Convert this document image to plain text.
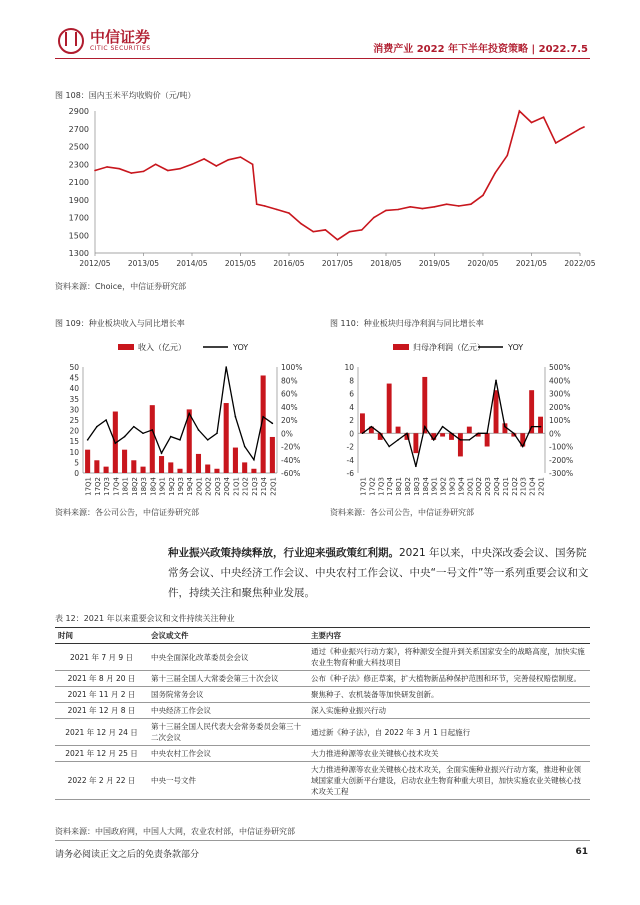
中信证券
CITIC SECURITIES	消费产业 2022 年下半年投资策略 | 2022.7.5
图 108：国内玉米平均收购价（元/吨）
1300
1500
1700
1900
2100
2300
2500
2700
2900
2012/05 2013/05 2014/05 2015/05 2016/05 2017/05 2018/05 2019/05 2020/05 2021/05 2022/05
资料来源：Choice，中信证券研究部
图 109：种业板块收入与同比增长率
收入（亿元）	YOY
0
5
10
15
20
25
30
35
40
45
50
-60%
-40%
-20%
0%
20%
40%
60%
80%
100%
17Q1 17Q2 17Q3 17Q4 18Q1 18Q2 18Q3 18Q4 19Q1 19Q2 19Q3 19Q4 20Q1 20Q2 20Q3 20Q4 21Q1 21Q2 21Q3 21Q4 22Q1
资料来源：各公司公告，中信证券研究部
图 110：种业板块归母净利润与同比增长率
归母净利润（亿元）	YOY
-6
-4
-2
0
2
4
6
8
10
-300%
-200%
-100%
0%
100%
200%
300%
400%
500%
17Q1 17Q2 17Q3 17Q4 18Q1 18Q2 18Q3 18Q4 19Q1 19Q2 19Q3 19Q4 20Q1 20Q2 20Q3 20Q4 21Q1 21Q2 21Q3 21Q4 22Q1
资料来源：各公司公告，中信证券研究部
种业振兴政策持续释放，行业迎来强政策红利期。2021 年以来，中央深改委会议、国务院常务会议、中央经济工作会议、中央农村工作会议、中央“一号文件”等一系列重要会议和文件，持续关注和聚焦种业发展。
表 12：2021 年以来重要会议和文件持续关注种业
时间	会议或文件	主要内容
2021 年 7 月 9 日	中央全面深化改革委员会会议	通过《种业振兴行动方案》，将种源安全提升到关系国家安全的战略高度，加快实施农业生物育种重大科技项目
2021 年 8 月 20 日	第十三届全国人大常委会第三十次会议	公布《种子法》修正草案，扩大植物新品种保护范围和环节，完善侵权赔偿制度。
2021 年 11 月 2 日	国务院常务会议	聚焦种子、农机装备等加快研发创新。
2021 年 12 月 8 日	中央经济工作会议	深入实施种业振兴行动
2021 年 12 月 24 日	第十三届全国人民代表大会常务委员会第三十二次会议	通过新《种子法》，自 2022 年 3 月 1 日起施行
2021 年 12 月 25 日	中央农村工作会议	大力推进种源等农业关键核心技术攻关
2022 年 2 月 22 日	中央一号文件	大力推进种源等农业关键核心技术攻关，全面实施种业振兴行动方案，推进种业领域国家重大创新平台建设，启动农业生物育种重大项目，加快实施农业关键核心技术攻关工程
资料来源：中国政府网，中国人大网，农业农村部，中信证券研究部
请务必阅读正文之后的免责条款部分	61
